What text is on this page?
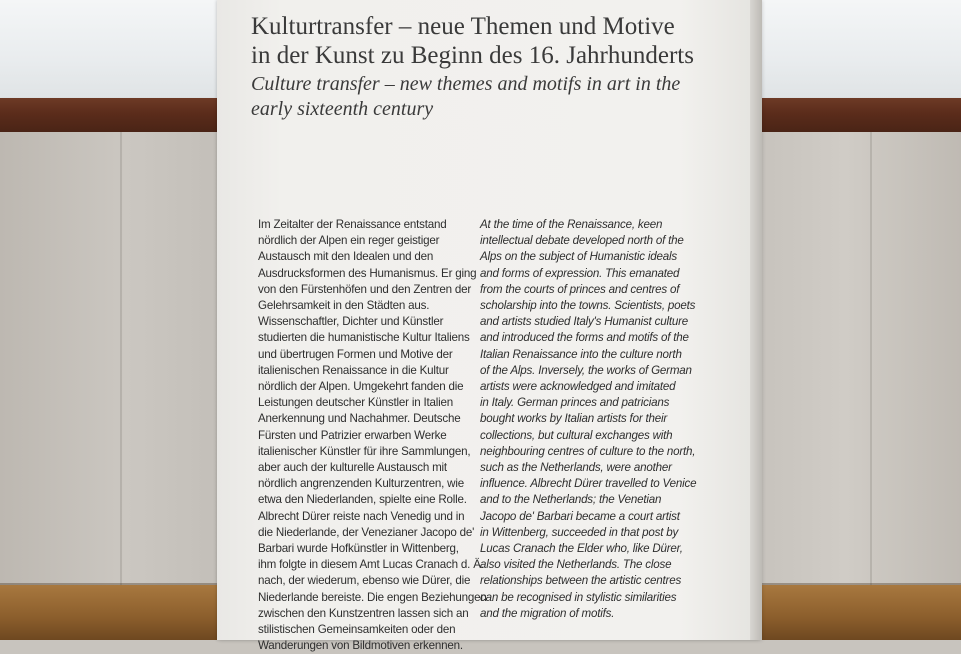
Kulturtransfer – neue Themen und Motive
in der Kunst zu Beginn des 16. Jahrhunderts
Culture transfer – new themes and motifs in art in the
early sixteenth century

Im Zeitalter der Renaissance entstand
nördlich der Alpen ein reger geistiger
Austausch mit den Idealen und den
Ausdrucksformen des Humanismus. Er ging
von den Fürstenhöfen und den Zentren der
Gelehrsamkeit in den Städten aus.
Wissenschaftler, Dichter und Künstler
studierten die humanistische Kultur Italiens
und übertrugen Formen und Motive der
italienischen Renaissance in die Kultur
nördlich der Alpen. Umgekehrt fanden die
Leistungen deutscher Künstler in Italien
Anerkennung und Nachahmer. Deutsche
Fürsten und Patrizier erwarben Werke
italienischer Künstler für ihre Sammlungen,
aber auch der kulturelle Austausch mit
nördlich angrenzenden Kulturzentren, wie
etwa den Niederlanden, spielte eine Rolle.
Albrecht Dürer reiste nach Venedig und in
die Niederlande, der Venezianer Jacopo de'
Barbari wurde Hofkünstler in Wittenberg,
ihm folgte in diesem Amt Lucas Cranach d. Ä.
nach, der wiederum, ebenso wie Dürer, die
Niederlande bereiste. Die engen Beziehungen
zwischen den Kunstzentren lassen sich an
stilistischen Gemeinsamkeiten oder den
Wanderungen von Bildmotiven erkennen.

At the time of the Renaissance, keen
intellectual debate developed north of the
Alps on the subject of Humanistic ideals
and forms of expression. This emanated
from the courts of princes and centres of
scholarship into the towns. Scientists, poets
and artists studied Italy's Humanist culture
and introduced the forms and motifs of the
Italian Renaissance into the culture north
of the Alps. Inversely, the works of German
artists were acknowledged and imitated
in Italy. German princes and patricians
bought works by Italian artists for their
collections, but cultural exchanges with
neighbouring centres of culture to the north,
such as the Netherlands, were another
influence. Albrecht Dürer travelled to Venice
and to the Netherlands; the Venetian
Jacopo de' Barbari became a court artist
in Wittenberg, succeeded in that post by
Lucas Cranach the Elder who, like Dürer,
also visited the Netherlands. The close
relationships between the artistic centres
can be recognised in stylistic similarities
and the migration of motifs.
